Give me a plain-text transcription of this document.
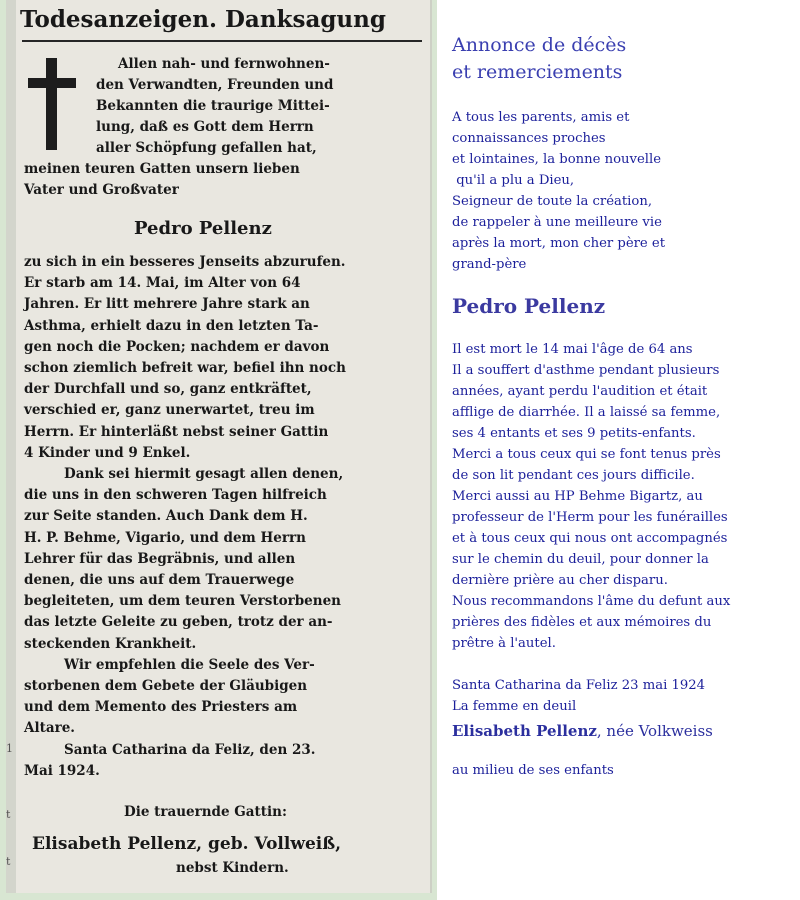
1
t
t
Todesanzeigen. Danksagung
Allen nah- und fernwohnen-
den Verwandten, Freunden und
Bekannten die traurige Mittei-
lung, daß es Gott dem Herrn
aller Schöpfung gefallen hat,
meinen teuren Gatten unsern lieben
Vater und Großvater
Pedro Pellenz
zu sich in ein besseres Jenseits abzurufen.
Er starb am 14. Mai, im Alter von 64
Jahren. Er litt mehrere Jahre stark an
Asthma, erhielt dazu in den letzten Ta-
gen noch die Pocken; nachdem er davon
schon ziemlich befreit war, befiel ihn noch
der Durchfall und so, ganz entkräftet,
verschied er, ganz unerwartet, treu im
Herrn. Er hinterläßt nebst seiner Gattin
4 Kinder und 9 Enkel.
Dank sei hiermit gesagt allen denen,
die uns in den schweren Tagen hilfreich
zur Seite standen. Auch Dank dem H.
H. P. Behme, Vigario, und dem Herrn
Lehrer für das Begräbnis, und allen
denen, die uns auf dem Trauerwege
begleiteten, um dem teuren Verstorbenen
das letzte Geleite zu geben, trotz der an-
steckenden Krankheit.
Wir empfehlen die Seele des Ver-
storbenen dem Gebete der Gläubigen
und dem Memento des Priesters am
Altare.
Santa Catharina da Feliz, den 23.
Mai 1924.
Die trauernde Gattin:
Elisabeth Pellenz, geb. Vollweiß,
nebst Kindern.
Annonce de décès
et remerciements
A tous les parents, amis et
connaissances proches
et lointaines, la bonne nouvelle
qu'il a plu a Dieu,
Seigneur de toute la création,
de rappeler à une meilleure vie
après la mort, mon cher père et
grand-père
Pedro Pellenz
Il est mort le 14 mai l'âge de 64 ans
Il a souffert d'asthme pendant plusieurs
années, ayant perdu l'audition et était
afflige de diarrhée. Il a laissé sa femme,
ses 4 entants et ses 9 petits-enfants.
Merci a tous ceux qui se font tenus près
de son lit pendant ces jours difficile.
Merci aussi au HP Behme Bigartz, au
professeur de l'Herm pour les funérailles
et à tous ceux qui nous ont accompagnés
sur le chemin du deuil, pour donner la
dernière prière au cher disparu.
Nous recommandons l'âme du defunt aux
prières des fidèles et aux mémoires du
prêtre à l'autel.
Santa Catharina da Feliz 23 mai 1924
La femme en deuil
Elisabeth Pellenz, née Volkweiss
au milieu de ses enfants
